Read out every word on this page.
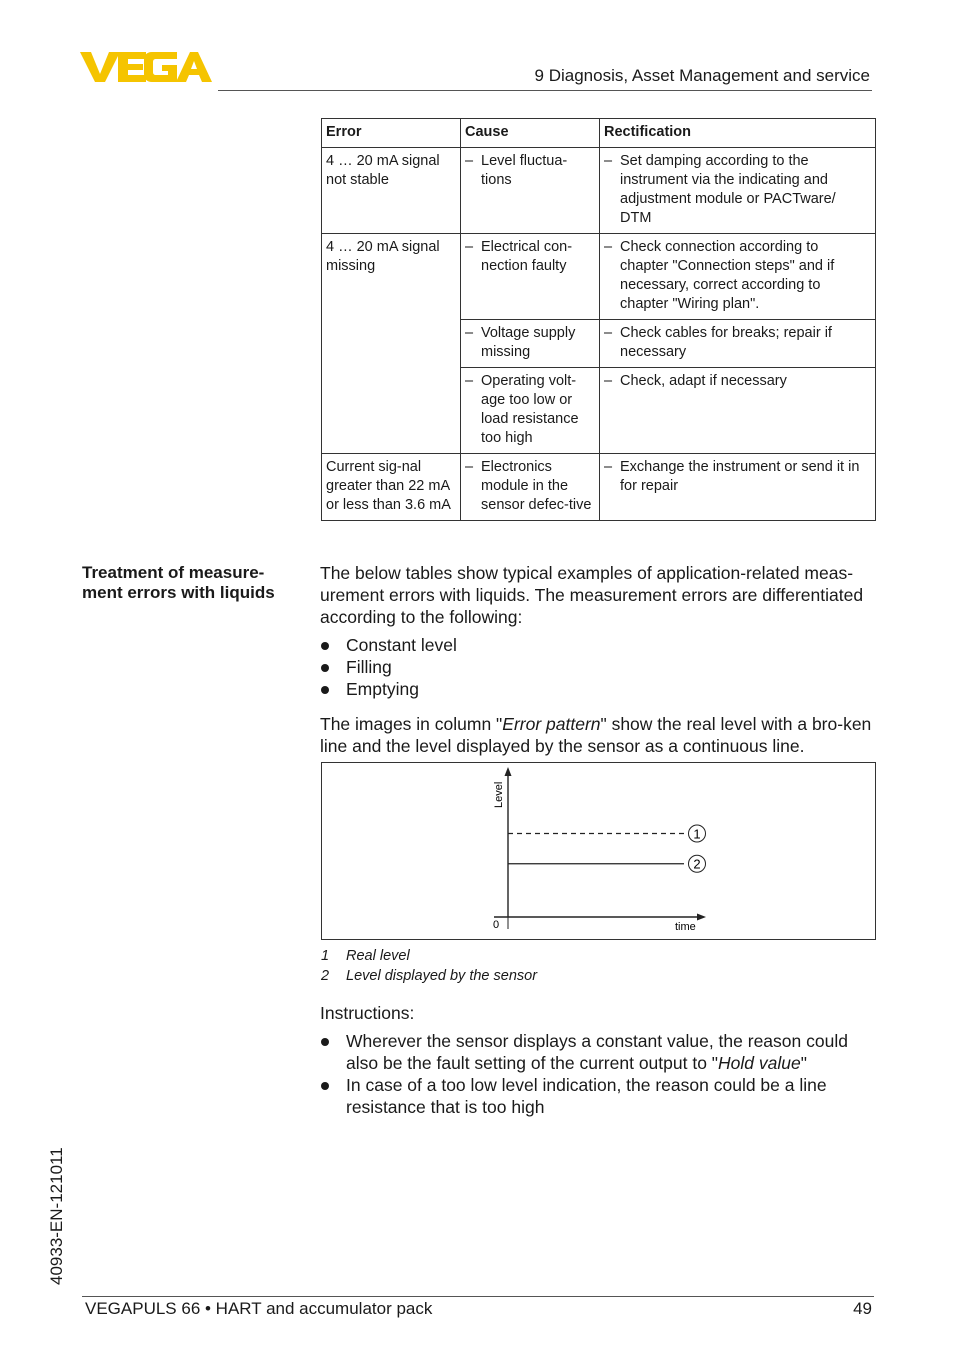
VEGA
9 Diagnosis, Asset Management and service
Error	Cause	Rectification
4 … 20 mA signal not stable	– Level fluctua-tions	– Set damping according to the instrument via the indicating and adjustment module or PACTware/ DTM

4 … 20 mA signal missing	– Electrical con-nection faulty	– Check connection according to chapter "Connection steps" and if necessary, correct according to chapter "Wiring plan".

	– Voltage supply missing	– Check cables for breaks; repair if necessary

	– Operating volt-age too low or load resistance too high	– Check, adapt if necessary

Current sig-nal greater than 22 mA or less than 3.6 mA	– Electronics module in the sensor defec-tive	– Exchange the instrument or send it in for repair
Treatment of measure-ment errors with liquids
The below tables show typical examples of application-related meas-urement errors with liquids. The measurement errors are differentiated according to the following:
Constant level
Filling
Emptying
The images in column "Error pattern" show the real level with a bro-ken line and the level displayed by the sensor as a continuous line.
Level
time
0
1
2
1 Real level
2 Level displayed by the sensor
Instructions:
Wherever the sensor displays a constant value, the reason could also be the fault setting of the current output to "Hold value"
In case of a too low level indication, the reason could be a line resistance that is too high
40933-EN-121011
VEGAPULS 66 • HART and accumulator pack	49
